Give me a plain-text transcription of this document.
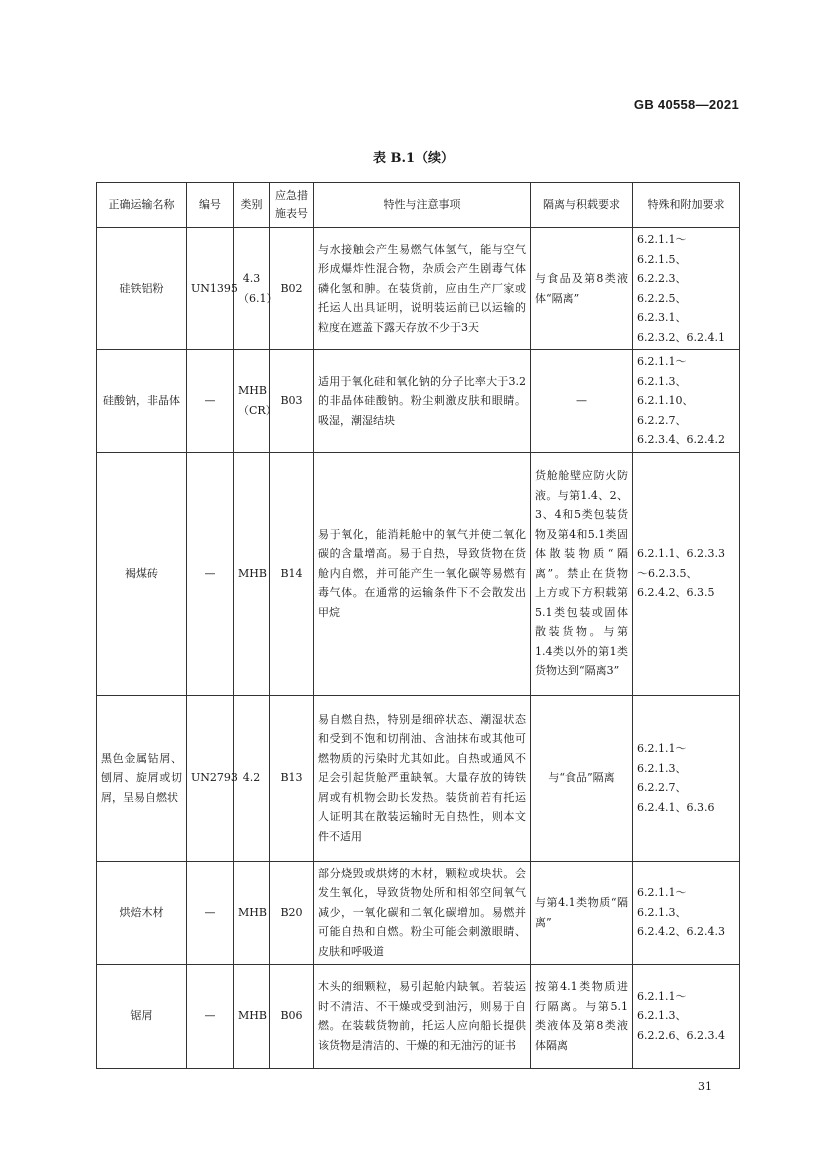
GB 40558—2021
表 B.1（续）
正确运输名称	编号	类别	应急措施表号	特性与注意事项	隔离与积载要求	特殊和附加要求
硅铁铝粉	UN1395	4.3（6.1）	B02	与水接触会产生易燃气体氢气，能与空气形成爆炸性混合物，杂质会产生剧毒气体磷化氢和胂。在装货前，应由生产厂家或托运人出具证明，说明装运前已以运输的粒度在遮盖下露天存放不少于3天	与食品及第8类液体“隔离”	6.2.1.1～6.2.1.5、6.2.2.3、6.2.2.5、6.2.3.1、6.2.3.2、6.2.4.1
硅酸钠，非晶体	—	MHB（CR）	B03	适用于氧化硅和氧化钠的分子比率大于3.2的非晶体硅酸钠。粉尘刺激皮肤和眼睛。吸湿，潮湿结块	—	6.2.1.1～6.2.1.3、6.2.1.10、6.2.2.7、6.2.3.4、6.2.4.2
褐煤砖	—	MHB	B14	易于氧化，能消耗舱中的氧气并使二氧化碳的含量增高。易于自热，导致货物在货舱内自燃，并可能产生一氧化碳等易燃有毒气体。在通常的运输条件下不会散发出甲烷	货舱舱壁应防火防液。与第1.4、2、3、4和5类包装货物及第4和5.1类固体散装物质“隔离”。禁止在货物上方或下方积载第5.1类包装或固体散装货物。与第1.4类以外的第1类货物达到“隔离3”	6.2.1.1、6.2.3.3～6.2.3.5、6.2.4.2、6.3.5
黑色金属钻屑、刨屑、旋屑或切屑，呈易自燃状	UN2793	4.2	B13	易自燃自热，特别是细碎状态、潮湿状态和受到不饱和切削油、含油抹布或其他可燃物质的污染时尤其如此。自热或通风不足会引起货舱严重缺氧。大量存放的铸铁屑或有机物会助长发热。装货前若有托运人证明其在散装运输时无自热性，则本文件不适用	与“食品”隔离	6.2.1.1～6.2.1.3、6.2.2.7、6.2.4.1、6.3.6
烘焙木材	—	MHB	B20	部分烧毁或烘烤的木材，颗粒或块状。会发生氧化，导致货物处所和相邻空间氧气减少，一氧化碳和二氧化碳增加。易燃并可能自热和自燃。粉尘可能会刺激眼睛、皮肤和呼吸道	与第4.1类物质“隔离”	6.2.1.1～6.2.1.3、6.2.4.2、6.2.4.3
锯屑	—	MHB	B06	木头的细颗粒，易引起舱内缺氧。若装运时不清洁、不干燥或受到油污，则易于自燃。在装载货物前，托运人应向船长提供该货物是清洁的、干燥的和无油污的证书	按第4.1类物质进行隔离。与第5.1类液体及第8类液体隔离	6.2.1.1～6.2.1.3、6.2.2.6、6.2.3.4
31
